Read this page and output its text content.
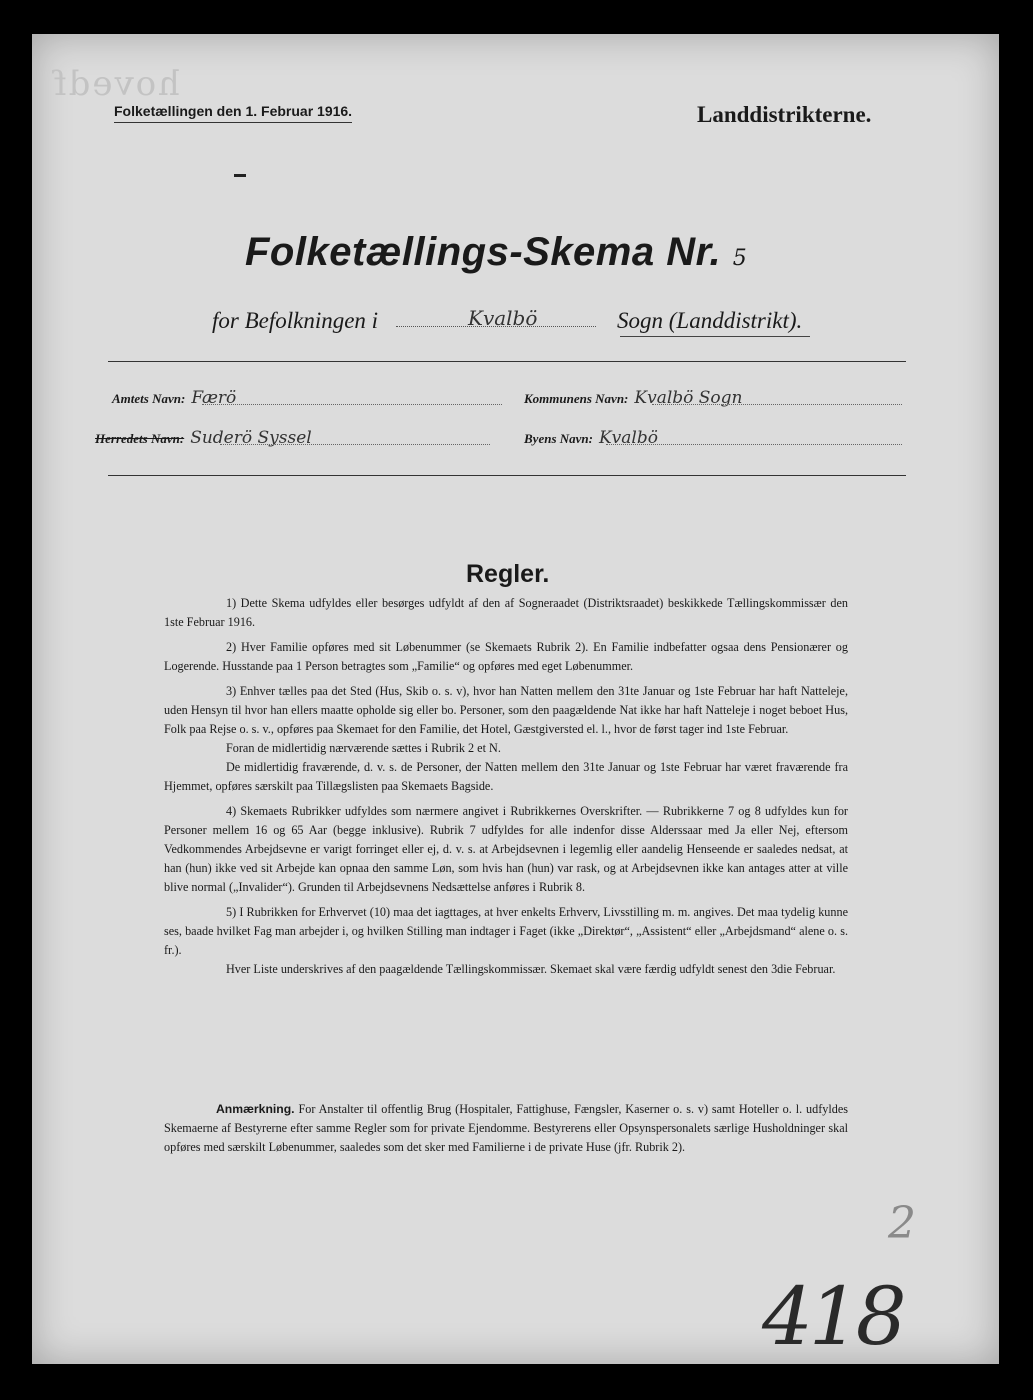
hovedf
Folketællingen den 1. Februar 1916.	Landdistrikterne.
Folketællings-Skema Nr. 5
for Befolkningen i	Kvalbö	Sogn (Landdistrikt).
Amtets Navn: Færö	Kommunens Navn: Kvalbö Sogn
Herredets Navn: Suderö Syssel	Byens Navn: Kvalbö
Regler.

1) Dette Skema udfyldes eller besørges udfyldt af den af Sogneraadet (Distriktsraadet) beskikkede Tællingskommissær den 1ste Februar 1916.

2) Hver Familie opføres med sit Løbenummer (se Skemaets Rubrik 2). En Familie indbefatter ogsaa dens Pensionærer og Logerende. Husstande paa 1 Person betragtes som „Familie“ og opføres med eget Løbenummer.

3) Enhver tælles paa det Sted (Hus, Skib o. s. v), hvor han Natten mellem den 31te Januar og 1ste Februar har haft Natteleje, uden Hensyn til hvor han ellers maatte opholde sig eller bo. Personer, som den paagældende Nat ikke har haft Natteleje i noget beboet Hus, Folk paa Rejse o. s. v., opføres paa Skemaet for den Familie, det Hotel, Gæstgiversted el. l., hvor de først tager ind 1ste Februar.

Foran de midlertidig nærværende sættes i Rubrik 2 et N.

De midlertidig fraværende, d. v. s. de Personer, der Natten mellem den 31te Januar og 1ste Februar har været fraværende fra Hjemmet, opføres særskilt paa Tillægslisten paa Skemaets Bagside.

4) Skemaets Rubrikker udfyldes som nærmere angivet i Rubrikkernes Overskrifter. — Rubrikkerne 7 og 8 udfyldes kun for Personer mellem 16 og 65 Aar (begge inklusive). Rubrik 7 udfyldes for alle indenfor disse Alderssaar med Ja eller Nej, eftersom Vedkommendes Arbejdsevne er varigt forringet eller ej, d. v. s. at Arbejdsevnen i legemlig eller aandelig Henseende er saaledes nedsat, at han (hun) ikke ved sit Arbejde kan opnaa den samme Løn, som hvis han (hun) var rask, og at Arbejdsevnen ikke kan antages atter at ville blive normal („Invalider“). Grunden til Arbejdsevnens Nedsættelse anføres i Rubrik 8.

5) I Rubrikken for Erhvervet (10) maa det iagttages, at hver enkelts Erhverv, Livsstilling m. m. angives. Det maa tydelig kunne ses, baade hvilket Fag man arbejder i, og hvilken Stilling man indtager i Faget (ikke „Direktør“, „Assistent“ eller „Arbejdsmand“ alene o. s. fr.).

Hver Liste underskrives af den paagældende Tællingskommissær. Skemaet skal være færdig udfyldt senest den 3die Februar.

Anmærkning. For Anstalter til offentlig Brug (Hospitaler, Fattighuse, Fængsler, Kaserner o. s. v) samt Hoteller o. l. udfyldes Skemaerne af Bestyrerne efter samme Regler som for private Ejendomme. Bestyrerens eller Opsynspersonalets særlige Husholdninger skal opføres med særskilt Løbenummer, saaledes som det sker med Familierne i de private Huse (jfr. Rubrik 2).
2
418
